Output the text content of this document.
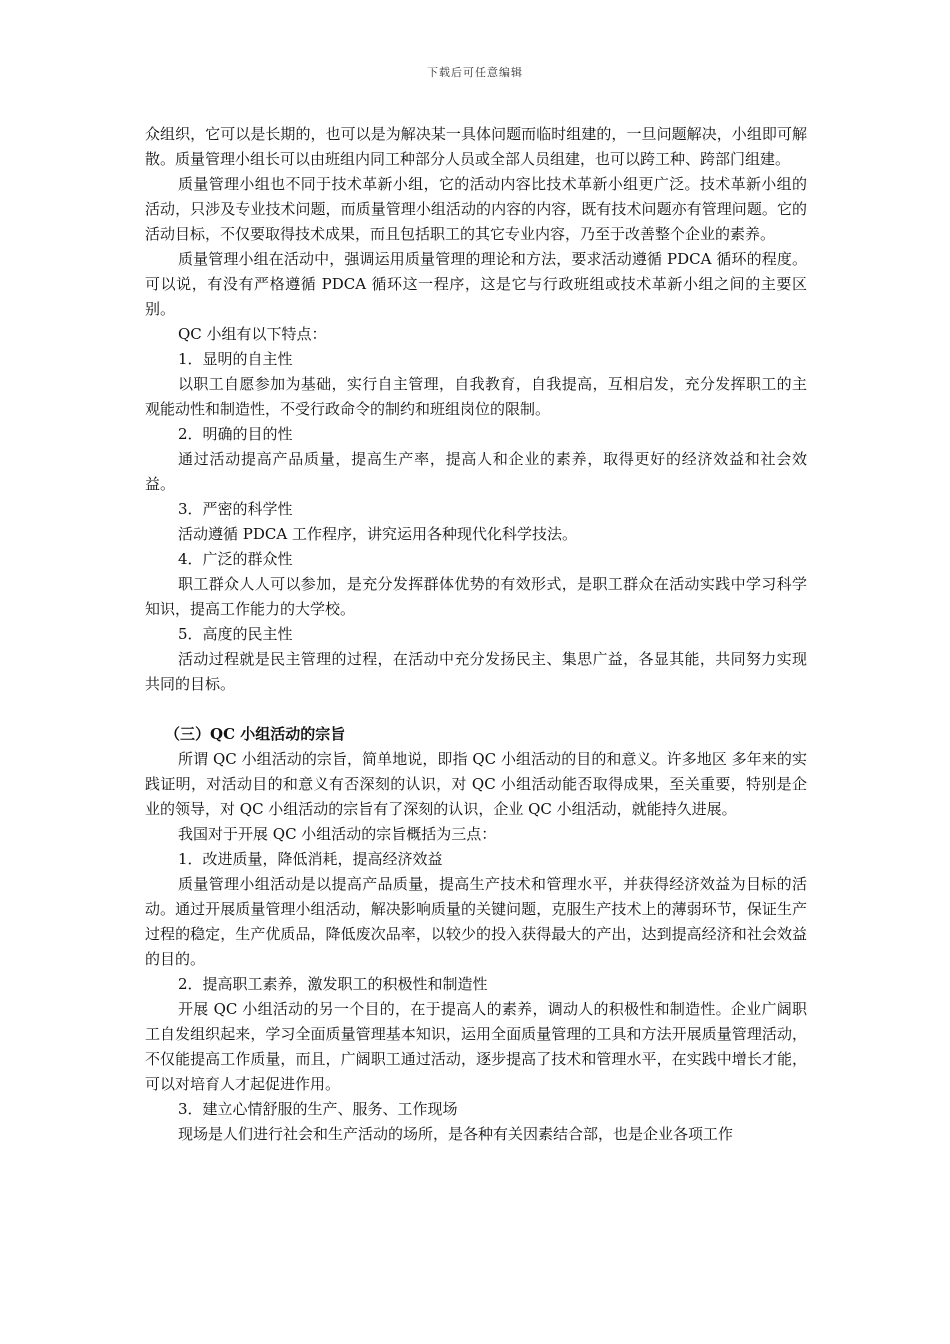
下载后可任意编辑

众组织，它可以是长期的，也可以是为解决某一具体问题而临时组建的，一旦问题解决，小组即可解散。质量管理小组长可以由班组内同工种部分人员或全部人员组建，也可以跨工种、跨部门组建。

质量管理小组也不同于技术革新小组，它的活动内容比技术革新小组更广泛。技术革新小组的活动，只涉及专业技术问题，而质量管理小组活动的内容的内容，既有技术问题亦有管理问题。它的活动目标，不仅要取得技术成果，而且包括职工的其它专业内容，乃至于改善整个企业的素养。

质量管理小组在活动中，强调运用质量管理的理论和方法，要求活动遵循 PDCA 循环的程度。可以说，有没有严格遵循 PDCA 循环这一程序，这是它与行政班组或技术革新小组之间的主要区别。

QC 小组有以下特点：

1．显明的自主性

以职工自愿参加为基础，实行自主管理，自我教育，自我提高，互相启发，充分发挥职工的主观能动性和制造性，不受行政命令的制约和班组岗位的限制。

2．明确的目的性

通过活动提高产品质量，提高生产率，提高人和企业的素养，取得更好的经济效益和社会效益。

3．严密的科学性

活动遵循 PDCA 工作程序，讲究运用各种现代化科学技法。

4．广泛的群众性

职工群众人人可以参加，是充分发挥群体优势的有效形式，是职工群众在活动实践中学习科学知识，提高工作能力的大学校。

5．高度的民主性

活动过程就是民主管理的过程，在活动中充分发扬民主、集思广益，各显其能，共同努力实现共同的目标。

（三）QC 小组活动的宗旨

所谓 QC 小组活动的宗旨，简单地说，即指 QC 小组活动的目的和意义。许多地区 多年来的实践证明，对活动目的和意义有否深刻的认识，对 QC 小组活动能否取得成果，至关重要，特别是企业的领导，对 QC 小组活动的宗旨有了深刻的认识，企业 QC 小组活动，就能持久进展。

我国对于开展 QC 小组活动的宗旨概括为三点：

1．改进质量，降低消耗，提高经济效益

质量管理小组活动是以提高产品质量，提高生产技术和管理水平，并获得经济效益为目标的活动。通过开展质量管理小组活动，解决影响质量的关键问题，克服生产技术上的薄弱环节，保证生产过程的稳定，生产优质品，降低废次品率，以较少的投入获得最大的产出，达到提高经济和社会效益的目的。

2．提高职工素养，激发职工的积极性和制造性

开展 QC 小组活动的另一个目的，在于提高人的素养，调动人的积极性和制造性。企业广阔职工自发组织起来，学习全面质量管理基本知识，运用全面质量管理的工具和方法开展质量管理活动，不仅能提高工作质量，而且，广阔职工通过活动，逐步提高了技术和管理水平，在实践中增长才能，可以对培育人才起促进作用。

3．建立心情舒服的生产、服务、工作现场

现场是人们进行社会和生产活动的场所，是各种有关因素结合部，也是企业各项工作
